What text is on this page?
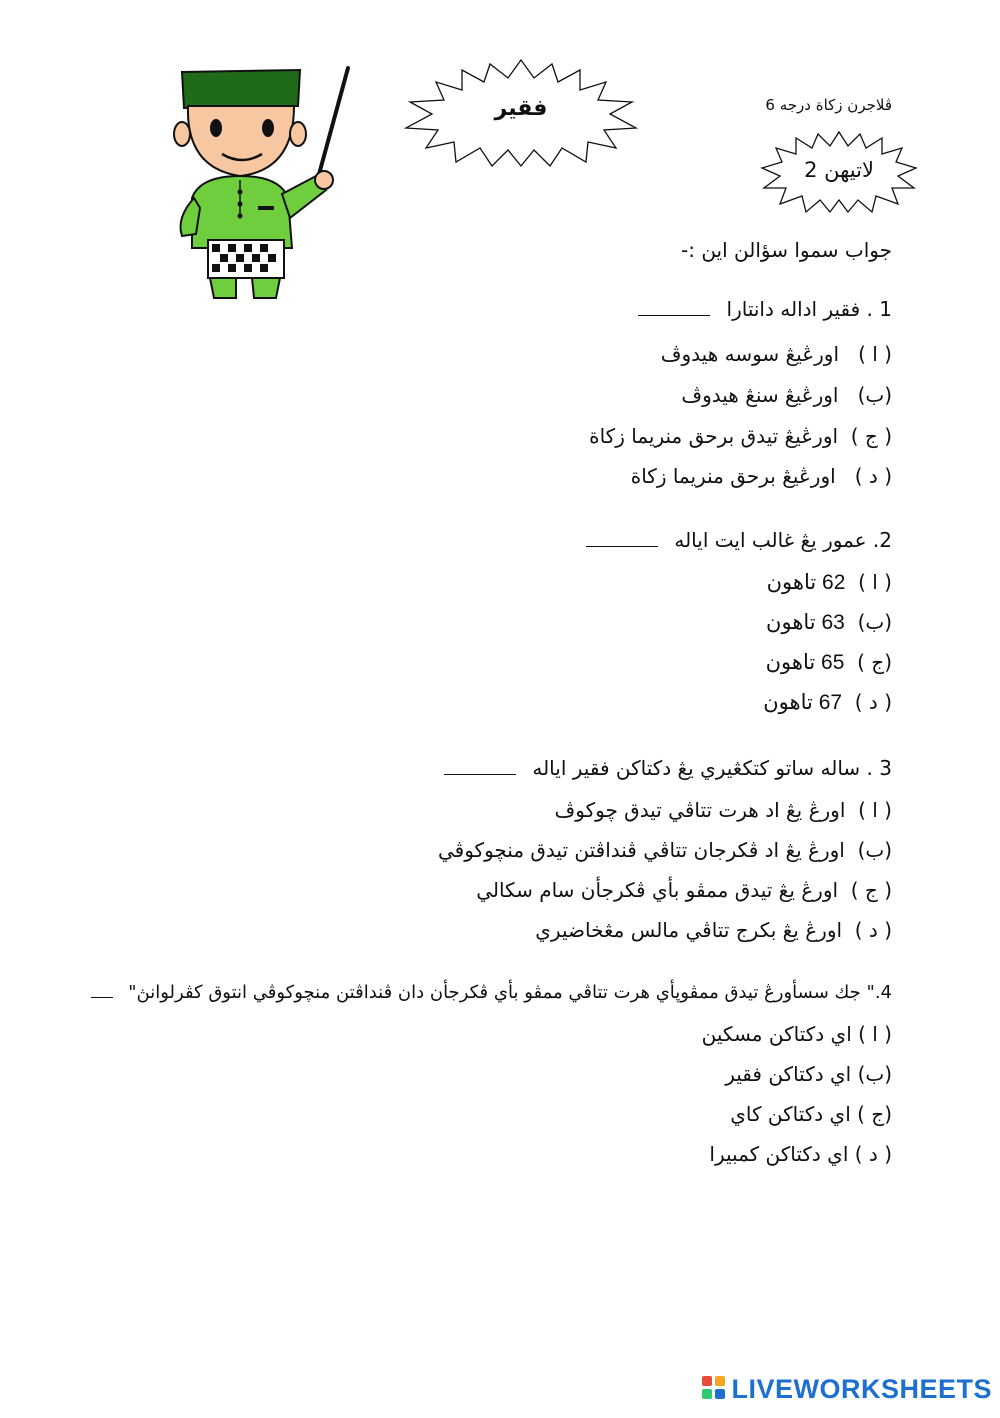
فقير	ڤلاجرن زكاة درجه 6
لاتيهن 2
جواب سموا سؤالن اين :-
1 . فقير اداله دانتارا
( ا )   اورڠيڠ سوسه هيدوڤ
(ب)   اورڠيڠ سنڠ هيدوڤ
( ج )  اورڠيڠ تيدق برحق منريما زكاة
( د )   اورڠيڠ برحق منريما زكاة
2. عمور يڠ غالب ايت اياله
( ا )  62 تاهون
(ب)  63 تاهون
(ج )  65 تاهون
( د )  67 تاهون
3 . ساله ساتو كتكڠيري يڠ دكتاكن فقير اياله
( ا )  اورڠ يڠ اد هرت تتاڤي تيدق چوكوڤ
(ب)  اورڠ يڠ اد ڤكرجان تتاڤي ڤنداڤتن تيدق منچوكوڤي
( ج )  اورڠ يڠ تيدق ممڤو بأي ڤكرجأن سام سكالي
( د )  اورڠ يڠ بكرج تتاڤي مالس مڠخاضيري
4." جك سسأورڠ تيدق ممڤوڽأي هرت تتاڤي ممڤو بأي ڤكرجأن دان ڤنداڤتن منچوكوڤي انتوق كڤرلوانڽ"
( ا ) اي دكتاكن مسكين
(ب) اي دكتاكن فقير
(ج ) اي دكتاكن كاي
( د ) اي دكتاكن كمبيرا
LIVEWORKSHEETS
